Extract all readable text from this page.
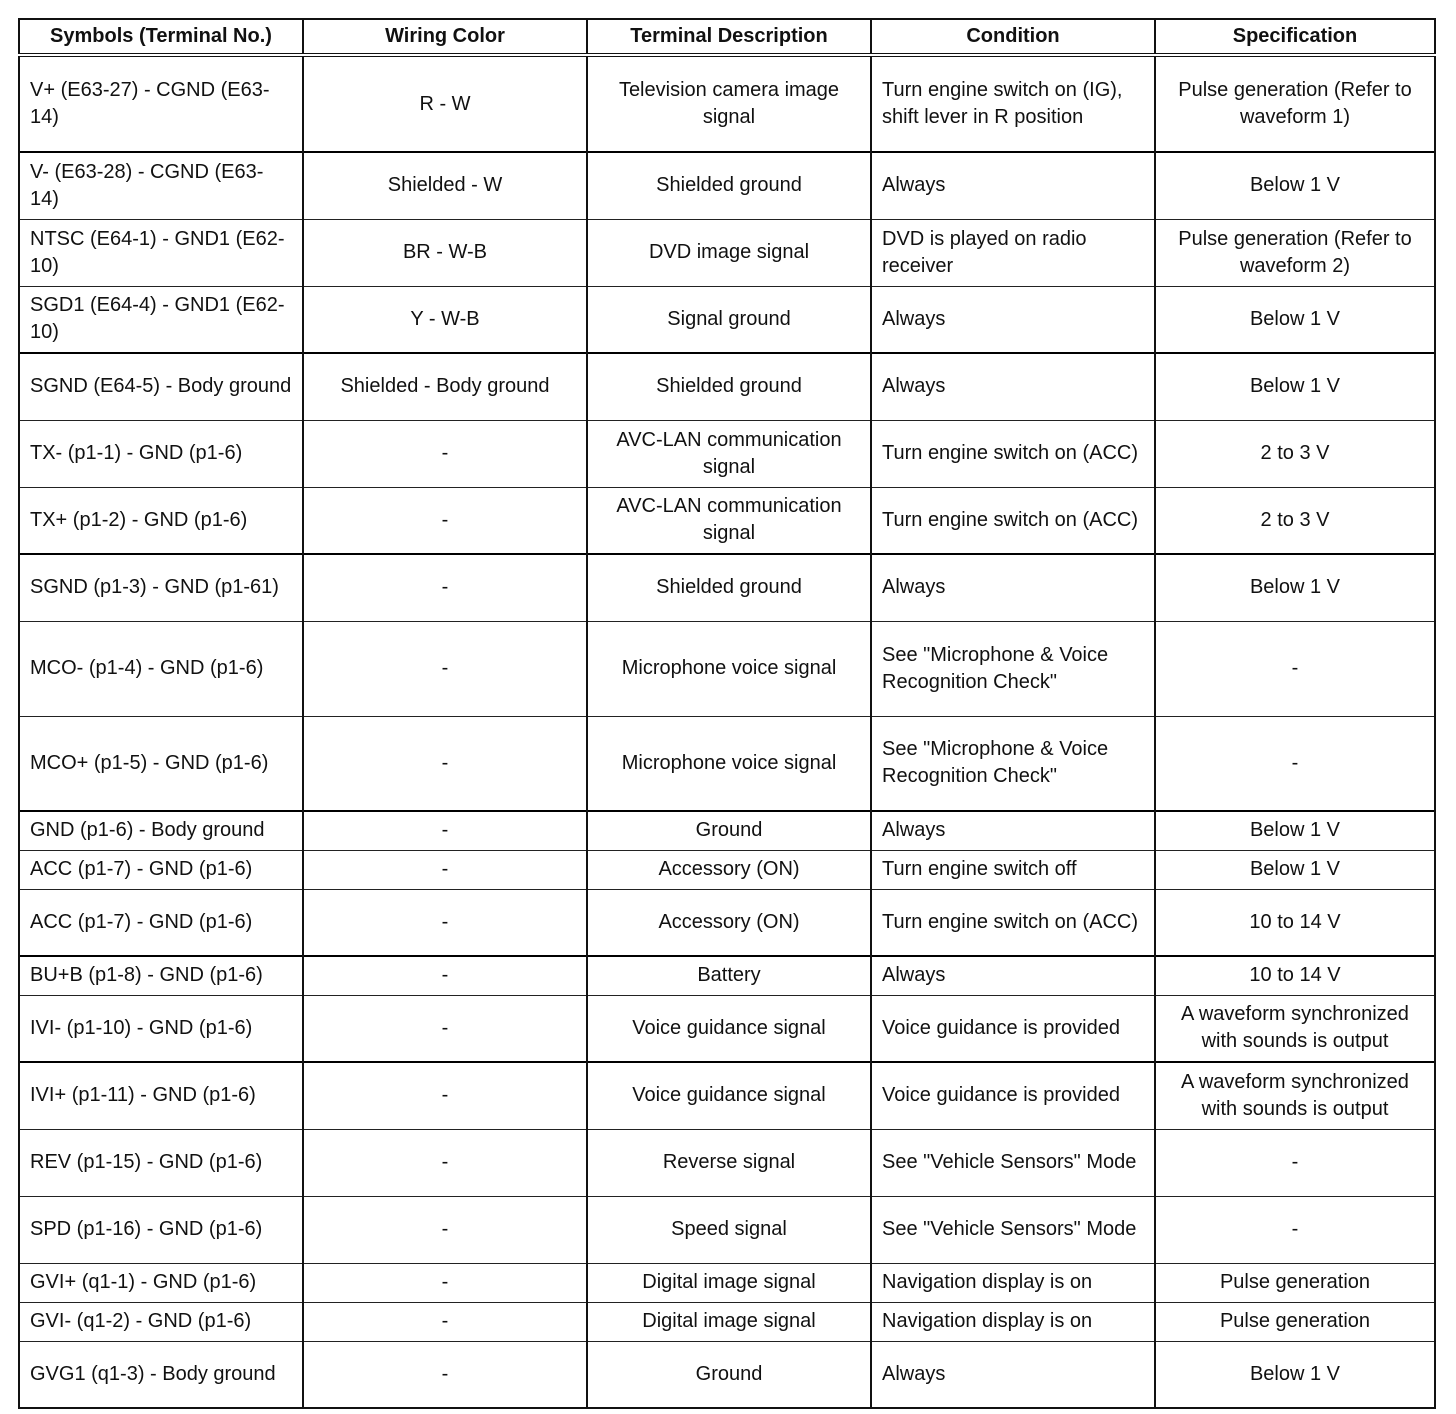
Symbols (Terminal No.)	Wiring Color	Terminal Description	Condition	Specification
V+ (E63-27) - CGND (E63-14)	R - W	Television camera image signal	Turn engine switch on (IG), shift lever in R position	Pulse generation (Refer to waveform 1)
V- (E63-28) - CGND (E63-14)	Shielded - W	Shielded ground	Always	Below 1 V
NTSC (E64-1) - GND1 (E62-10)	BR - W-B	DVD image signal	DVD is played on radio receiver	Pulse generation (Refer to waveform 2)
SGD1 (E64-4) - GND1 (E62-10)	Y - W-B	Signal ground	Always	Below 1 V
SGND (E64-5) - Body ground	Shielded - Body ground	Shielded ground	Always	Below 1 V
TX- (p1-1) - GND (p1-6)	-	AVC-LAN communication signal	Turn engine switch on (ACC)	2 to 3 V
TX+ (p1-2) - GND (p1-6)	-	AVC-LAN communication signal	Turn engine switch on (ACC)	2 to 3 V
SGND (p1-3) - GND (p1-61)	-	Shielded ground	Always	Below 1 V
MCO- (p1-4) - GND (p1-6)	-	Microphone voice signal	See "Microphone & Voice Recognition Check"	-
MCO+ (p1-5) - GND (p1-6)	-	Microphone voice signal	See "Microphone & Voice Recognition Check"	-
GND (p1-6) - Body ground	-	Ground	Always	Below 1 V
ACC (p1-7) - GND (p1-6)	-	Accessory (ON)	Turn engine switch off	Below 1 V
ACC (p1-7) - GND (p1-6)	-	Accessory (ON)	Turn engine switch on (ACC)	10 to 14 V
BU+B (p1-8) - GND (p1-6)	-	Battery	Always	10 to 14 V
IVI- (p1-10) - GND (p1-6)	-	Voice guidance signal	Voice guidance is provided	A waveform synchronized with sounds is output
IVI+ (p1-11) - GND (p1-6)	-	Voice guidance signal	Voice guidance is provided	A waveform synchronized with sounds is output
REV (p1-15) - GND (p1-6)	-	Reverse signal	See "Vehicle Sensors" Mode	-
SPD (p1-16) - GND (p1-6)	-	Speed signal	See "Vehicle Sensors" Mode	-
GVI+ (q1-1) - GND (p1-6)	-	Digital image signal	Navigation display is on	Pulse generation
GVI- (q1-2) - GND (p1-6)	-	Digital image signal	Navigation display is on	Pulse generation
GVG1 (q1-3) - Body ground	-	Ground	Always	Below 1 V
